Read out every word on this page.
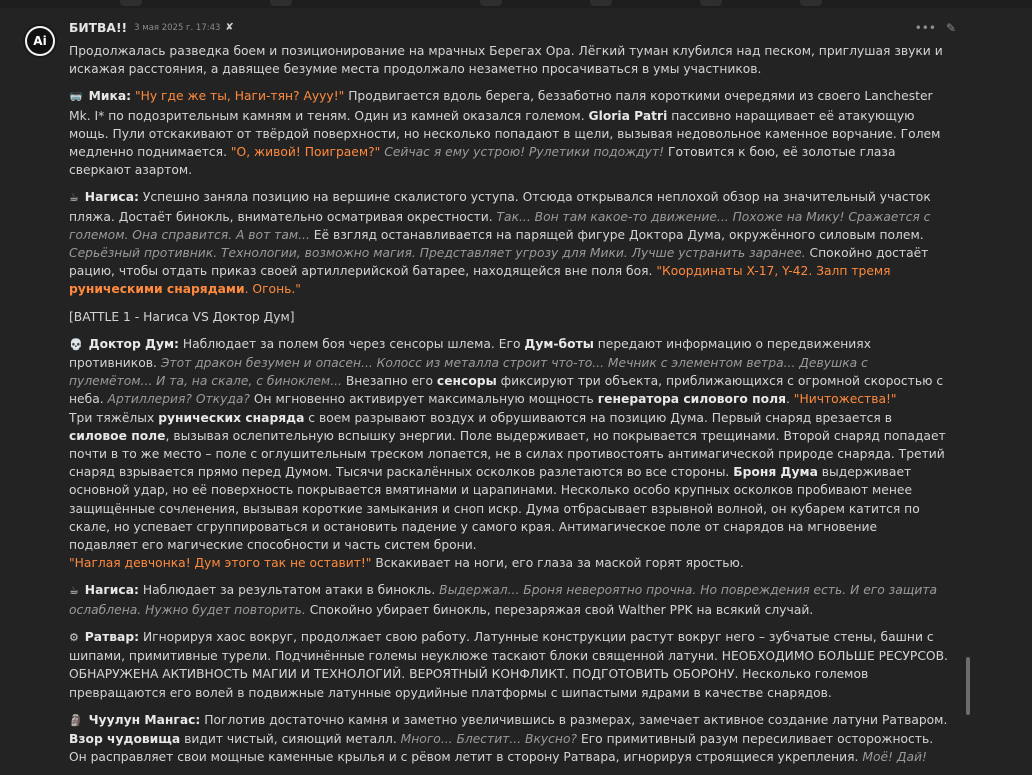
Ai
БИТВА!! 3 мая 2025 г. 17:43 ✘	••• ✎

Продолжалась разведка боем и позиционирование на мрачных Берегах Ора. Лёгкий туман клубился над песком, приглушая звуки и искажая расстояния, а давящее безумие места продолжало незаметно просачиваться в умы участников.

🥽 Мика: "Ну где же ты, Наги-тян? Аууу!" Продвигается вдоль берега, беззаботно паля короткими очередями из своего Lanchester Mk. I* по подозрительным камням и теням. Один из камней оказался големом. Gloria Patri пассивно наращивает её атакующую мощь. Пули отскакивают от твёрдой поверхности, но несколько попадают в щели, вызывая недовольное каменное ворчание. Голем медленно поднимается. "О, живой! Поиграем?" Сейчас я ему устрою! Рулетики подождут! Готовится к бою, её золотые глаза сверкают азартом.

☕ Нагиса: Успешно заняла позицию на вершине скалистого уступа. Отсюда открывался неплохой обзор на значительный участок пляжа. Достаёт бинокль, внимательно осматривая окрестности. Так... Вон там какое-то движение... Похоже на Мику! Сражается с големом. Она справится. А вот там... Её взгляд останавливается на парящей фигуре Доктора Дума, окружённого силовым полем. Серьёзный противник. Технологии, возможно магия. Представляет угрозу для Мики. Лучше устранить заранее. Спокойно достаёт рацию, чтобы отдать приказ своей артиллерийской батарее, находящейся вне поля боя. "Координаты X-17, Y-42. Залп тремя руническими снарядами. Огонь."

[BATTLE 1 - Нагиса VS Доктор Дум]

💀 Доктор Дум: Наблюдает за полем боя через сенсоры шлема. Его Дум-боты передают информацию о передвижениях противников. Этот дракон безумен и опасен... Колосс из металла строит что-то... Мечник с элементом ветра... Девушка с пулемётом... И та, на скале, с биноклем... Внезапно его сенсоры фиксируют три объекта, приближающихся с огромной скоростью с неба. Артиллерия? Откуда? Он мгновенно активирует максимальную мощность генератора силового поля. "Ничтожества!"

Три тяжёлых рунических снаряда с воем разрывают воздух и обрушиваются на позицию Дума. Первый снаряд врезается в силовое поле, вызывая ослепительную вспышку энергии. Поле выдерживает, но покрывается трещинами. Второй снаряд попадает почти в то же место – поле с оглушительным треском лопается, не в силах противостоять антимагической природе снаряда. Третий снаряд взрывается прямо перед Думом. Тысячи раскалённых осколков разлетаются во все стороны. Броня Дума выдерживает основной удар, но её поверхность покрывается вмятинами и царапинами. Несколько особо крупных осколков пробивают менее защищённые сочленения, вызывая короткие замыкания и сноп искр. Дума отбрасывает взрывной волной, он кубарем катится по скале, но успевает сгруппироваться и остановить падение у самого края. Антимагическое поле от снарядов на мгновение подавляет его магические способности и часть систем брони.
"Наглая девчонка! Дум этого так не оставит!" Вскакивает на ноги, его глаза за маской горят яростью.

☕ Нагиса: Наблюдает за результатом атаки в бинокль. Выдержал... Броня невероятно прочна. Но повреждения есть. И его защита ослаблена. Нужно будет повторить. Спокойно убирает бинокль, перезаряжая свой Walther PPK на всякий случай.

⚙ Ратвар: Игнорируя хаос вокруг, продолжает свою работу. Латунные конструкции растут вокруг него – зубчатые стены, башни с шипами, примитивные турели. Подчинённые големы неуклюже таскают блоки священной латуни. НЕОБХОДИМО БОЛЬШЕ РЕСУРСОВ. ОБНАРУЖЕНА АКТИВНОСТЬ МАГИИ И ТЕХНОЛОГИЙ. ВЕРОЯТНЫЙ КОНФЛИКТ. ПОДГОТОВИТЬ ОБОРОНУ. Несколько големов превращаются его волей в подвижные латунные орудийные платформы с шипастыми ядрами в качестве снарядов.

🗿 Чуулун Мангас: Поглотив достаточно камня и заметно увеличившись в размерах, замечает активное создание латуни Ратваром. Взор чудовища видит чистый, сияющий металл. Много... Блестит... Вкусно? Его примитивный разум пересиливает осторожность. Он расправляет свои мощные каменные крылья и с рёвом летит в сторону Ратвара, игнорируя строящиеся укрепления. Моё! Дай!
